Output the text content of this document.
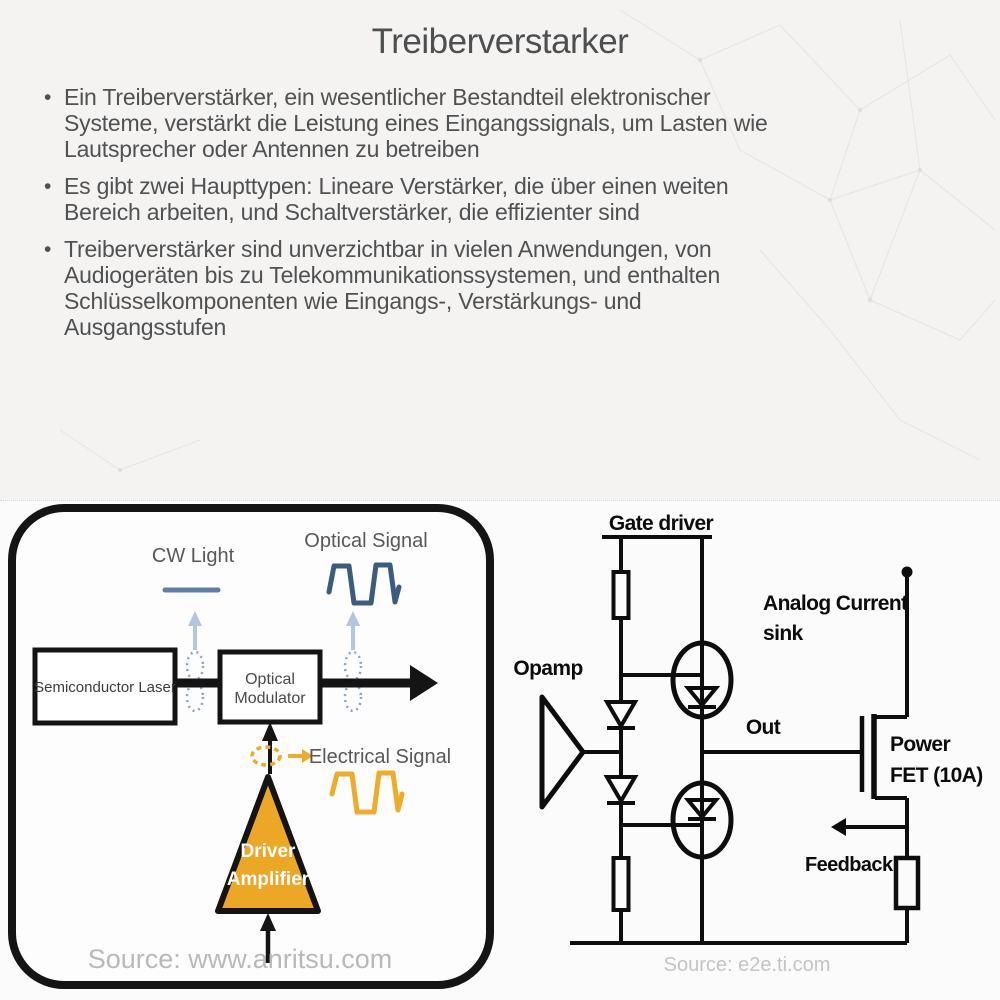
Treiberverstarker
• Ein Treiberverstärker, ein wesentlicher Bestandteil elektronischer
Systeme, verstärkt die Leistung eines Eingangssignals, um Lasten wie
Lautsprecher oder Antennen zu betreiben
• Es gibt zwei Haupttypen: Lineare Verstärker, die über einen weiten
Bereich arbeiten, und Schaltverstärker, die effizienter sind
• Treiberverstärker sind unverzichtbar in vielen Anwendungen, von
Audiogeräten bis zu Telekommunikationssystemen, und enthalten
Schlüsselkomponenten wie Eingangs-, Verstärkungs- und
Ausgangsstufen
CW Light
Optical Signal
Semiconductor Laser	Optical
Modulator
Electrical Signal
Driver
Amplifier
Source: www.anritsu.com
Gate driver
Opamp
Analog Current
sink
Out
Power
FET (10A)
Feedback
Source: e2e.ti.com
